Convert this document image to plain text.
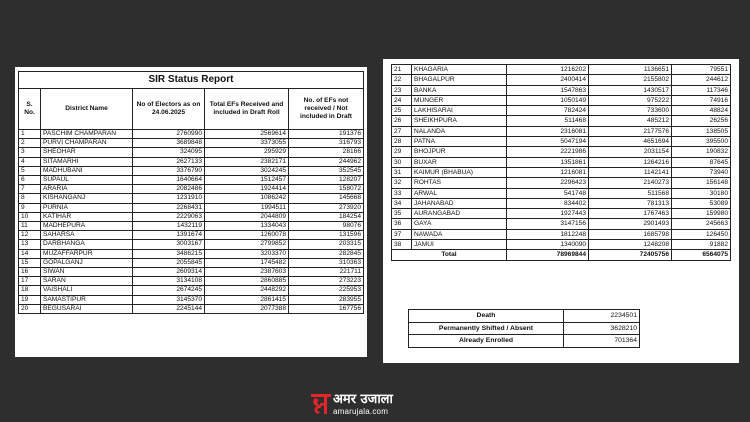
SIR Status Report
S. No.	District Name	No of Electors as on 24.06.2025	Total EFs Received and included in Draft Roll	No. of EFs not received / Not included in Draft
1	PASCHIM CHAMPARAN	2760990	2569614	191376
2	PURVI CHAMPARAN	3689848	3373055	316793
3	SHEOHAR	324095	295929	28166
4	SITAMARHI	2627133	2382171	244962
5	MADHUBANI	3376790	3024245	352545
6	SUPAUL	1640664	1512457	128207
7	ARARIA	2082486	1924414	158072
8	KISHANGANJ	1231910	1086242	145668
9	PURNIA	2268431	1994511	273920
10	KATIHAR	2229063	2044809	184254
11	MADHEPURA	1432119	1334043	98076
12	SAHARSA	1391674	1260078	131596
13	DARBHANGA	3003167	2799852	203315
14	MUZAFFARPUR	3486215	3203370	282845
15	GOPALGANJ	2055845	1745482	310363
16	SIWAN	2609314	2387603	221711
17	SARAN	3134108	2860885	273223
18	VAISHALI	2674245	2448292	225953
19	SAMASTIPUR	3145370	2861415	283955
20	BEGUSARAI	2245144	2077388	167756
21	KHAGARIA	1216202	1136651	79551
22	BHAGALPUR	2400414	2155802	244612
23	BANKA	1547863	1430517	117346
24	MUNGER	1050149	975222	74916
25	LAKHISARAI	782424	733600	48824
26	SHEIKHPURA	511468	485212	26256
27	NALANDA	2316081	2177576	138505
28	PATNA	5047194	4651694	395500
29	BHOJPUR	2221986	2031154	190832
30	BUXAR	1351861	1264216	87645
31	KAIMUR (BHABUA)	1216081	1142141	73940
32	ROHTAS	2296423	2140273	156148
33	ARWAL	541748	511568	30180
34	JAHANABAD	834402	781313	53089
35	AURANGABAD	1927443	1767463	159980
36	GAYA	3147156	2901493	245663
37	NAWADA	1812248	1685798	126450
38	JAMUI	1340090	1248208	91882
Total		78969844	72405756	6564075
Death	2234501
Permanently Shifted / Absent	3628210
Already Enrolled	701364
अमर उजाला
amarujala.com
